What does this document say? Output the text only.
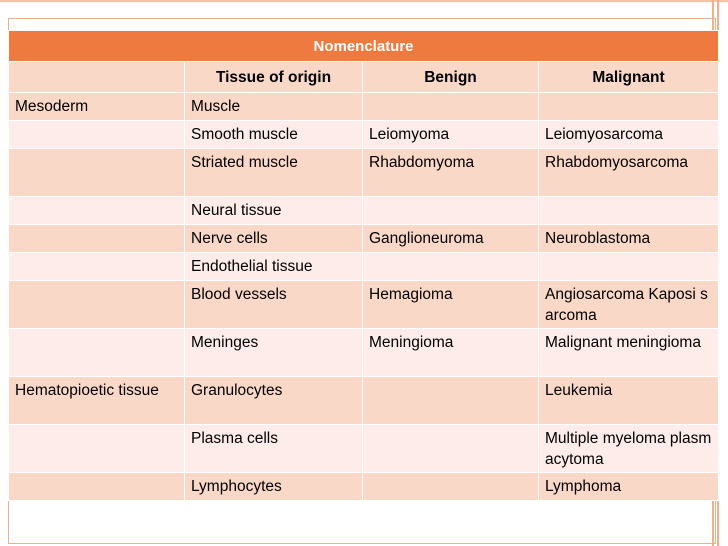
Nomenclature			
	Tissue of origin	Benign	Malignant
Mesoderm	Muscle		
	Smooth muscle	Leiomyoma	Leiomyosarcoma
	Striated muscle	Rhabdomyoma	Rhabdomyosarcoma
	Neural tissue		
	Nerve cells	Ganglioneuroma	Neuroblastoma
	Endothelial tissue		
	Blood vessels	Hemagioma	Angiosarcoma Kaposi sarcoma
	Meninges	Meningioma	Malignant meningioma
Hematopioetic tissue	Granulocytes		Leukemia
	Plasma cells		Multiple myeloma plasmacytoma
	Lymphocytes		Lymphoma
